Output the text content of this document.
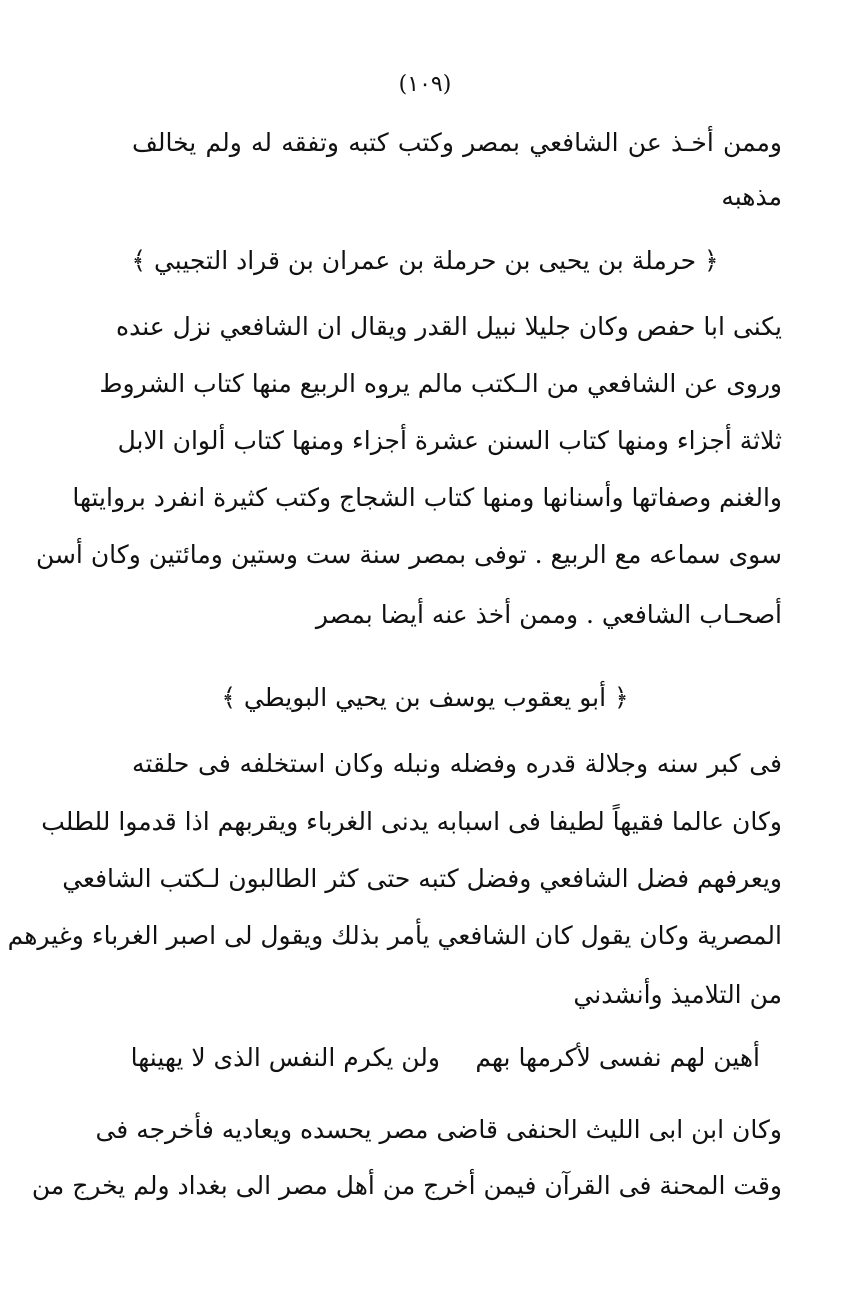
(١٠٩)
وممن أخـذ عن الشافعي بمصر وكتب كتبه وتفقه له ولم يخالف
مذهبه
﴿ حرملة بن يحيى بن حرملة بن عمران بن قراد التجيبي ﴾
يكنى ابا حفص وكان جليلا نبيل القدر ويقال ان الشافعي نزل عنده
وروى عن الشافعي من الـكتب مالم يروه الربيع منها كتاب الشروط
ثلاثة أجزاء ومنها كتاب السنن عشرة أجزاء ومنها كتاب ألوان الابل
والغنم وصفاتها وأسنانها ومنها كتاب الشجاج وكتب كثيرة انفرد بروايتها
سوى سماعه مع الربيع . توفى بمصر سنة ست وستين ومائتين وكان أسن
أصحـاب الشافعي . وممن أخذ عنه أيضا بمصر
﴿ أبو يعقوب يوسف بن يحيي البويطي ﴾
فى كبر سنه وجلالة قدره وفضله ونبله وكان استخلفه فى حلقته
وكان عالما فقيهاً لطيفا فى اسبابه يدنى الغرباء ويقربهم اذا قدموا للطلب
ويعرفهم فضل الشافعي وفضل كتبه حتى كثر الطالبون لـكتب الشافعي
المصرية وكان يقول كان الشافعي يأمر بذلك ويقول لى اصبر الغرباء وغيرهم
من التلاميذ وأنشدني
أهين لهم نفسى لأكرمها بهم
ولن يكرم النفس الذى لا يهينها
وكان ابن ابى الليث الحنفى قاضى مصر يحسده ويعاديه فأخرجه فى
وقت المحنة فى القرآن فيمن أخرج من أهل مصر الى بغداد ولم يخرج من
